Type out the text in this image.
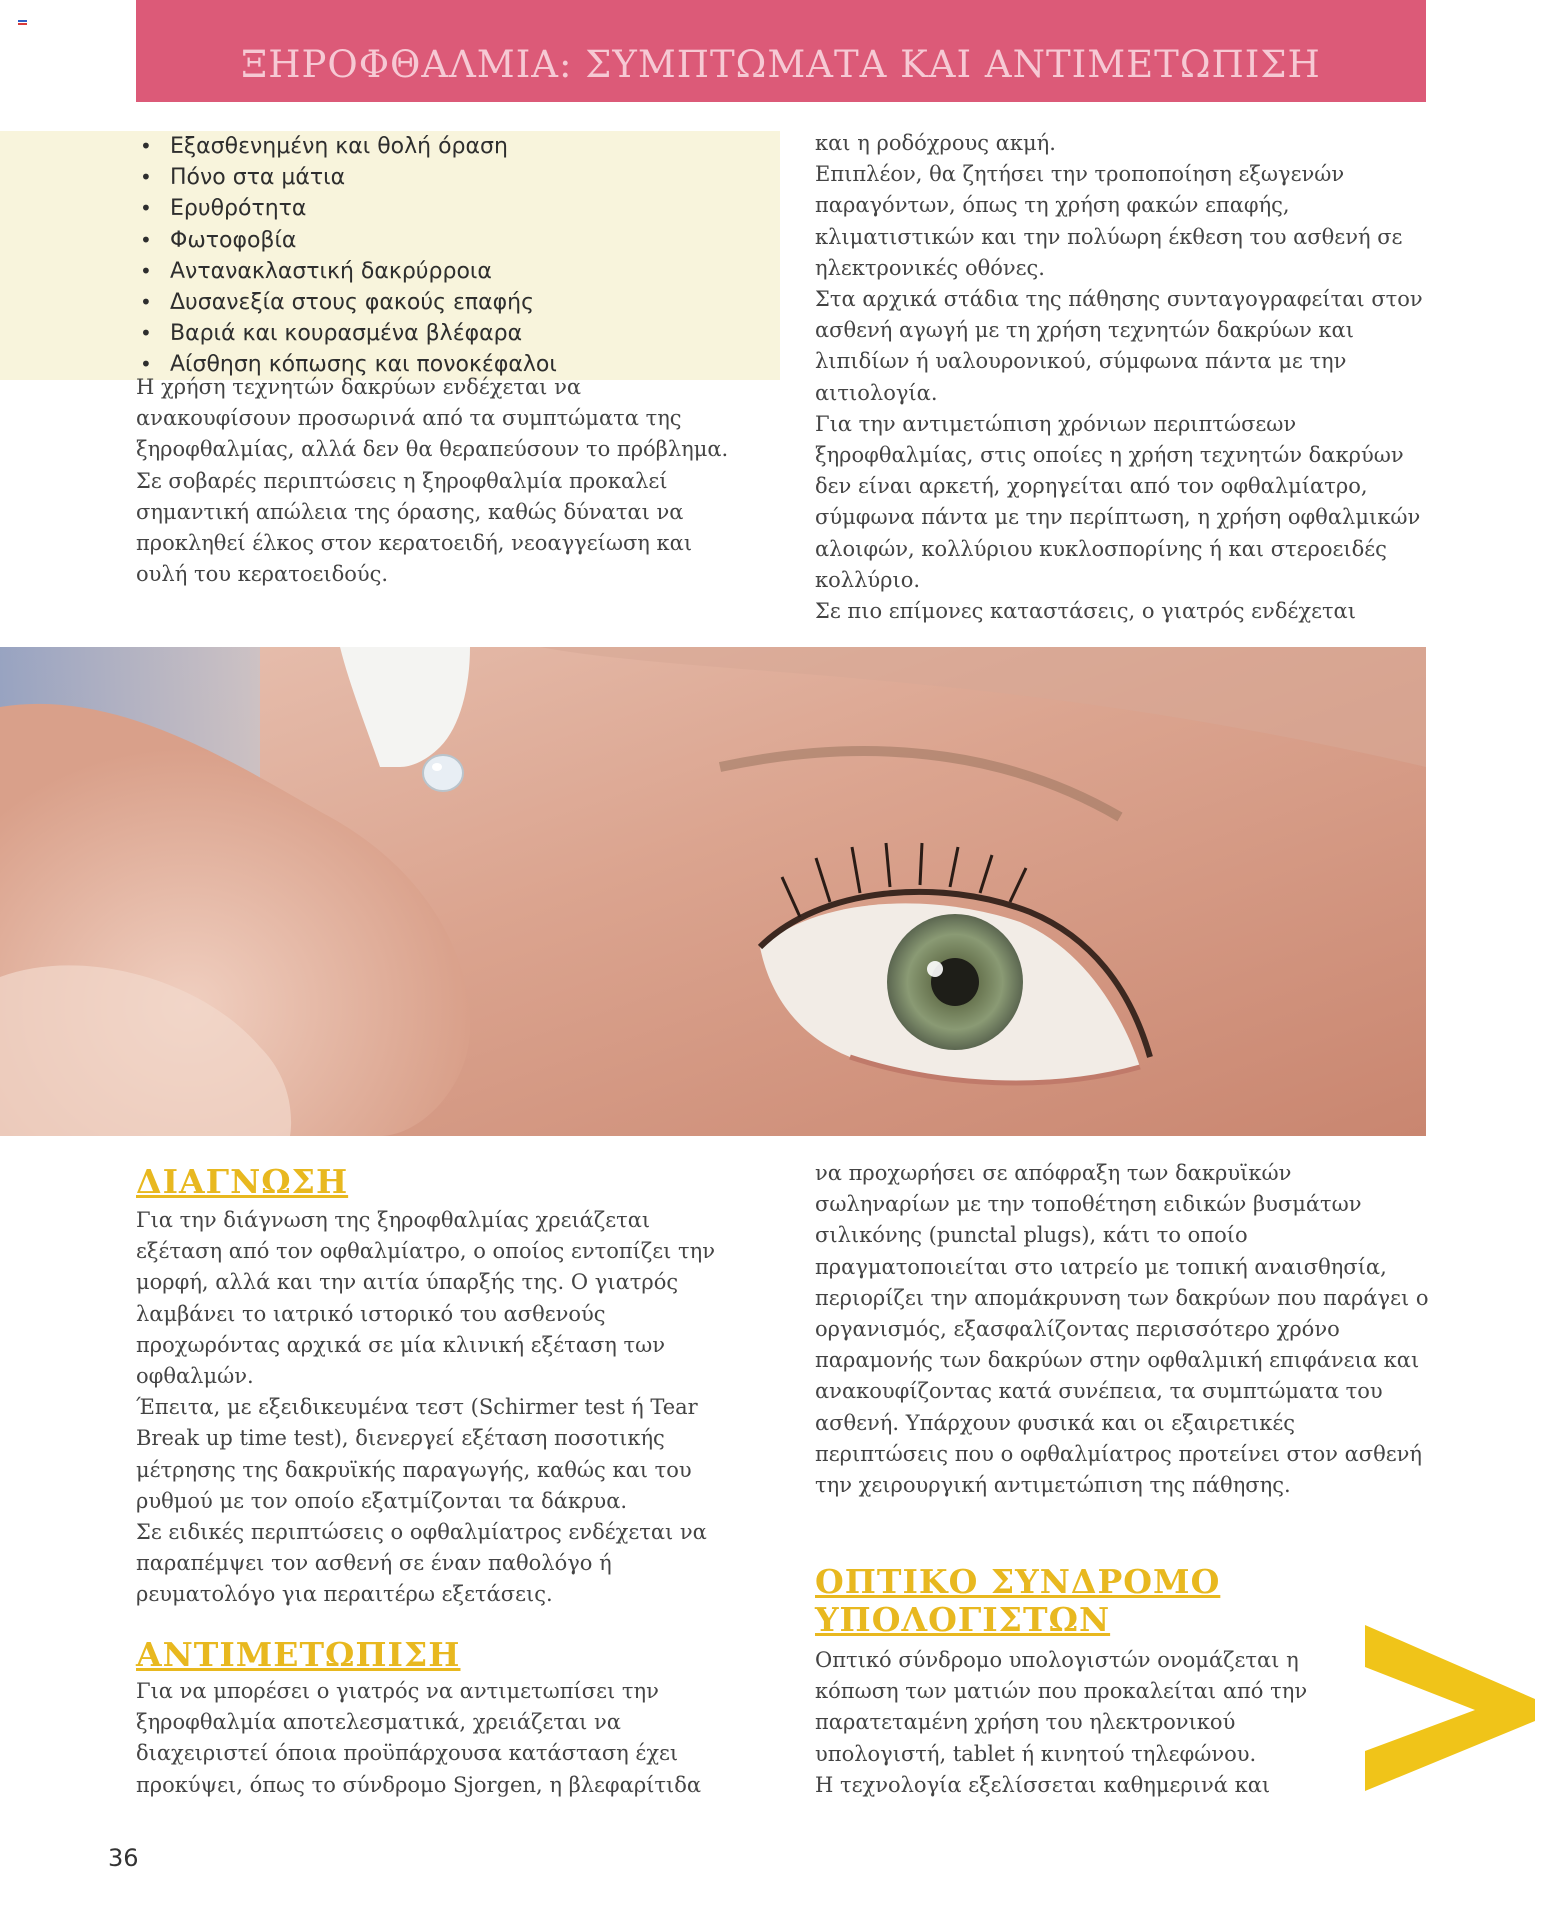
ΞΗΡΟΦΘΑΛΜΙΑ: ΣΥΜΠΤΩΜΑΤΑ ΚΑΙ ΑΝΤΙΜΕΤΩΠΙΣΗ
• Εξασθενημένη και θολή όραση
• Πόνο στα μάτια
• Ερυθρότητα
• Φωτοφοβία
• Αντανακλαστική δακρύρροια
• Δυσανεξία στους φακούς επαφής
• Βαριά και κουρασμένα βλέφαρα
• Αίσθηση κόπωσης και πονοκέφαλοι

Η χρήση τεχνητών δακρύων ενδέχεται να ανακουφίσουν προσωρινά από τα συμπτώματα της ξηροφθαλμίας, αλλά δεν θα θεραπεύσουν το πρόβλημα.

Σε σοβαρές περιπτώσεις η ξηροφθαλμία προκαλεί σημαντική απώλεια της όρασης, καθώς δύναται να προκληθεί έλκος στον κερατοειδή, νεοαγγείωση και ουλή του κερατοειδούς.

και η ροδόχρους ακμή.

Επιπλέον, θα ζητήσει την τροποποίηση εξωγενών παραγόντων, όπως τη χρήση φακών επαφής, κλιματιστικών και την πολύωρη έκθεση του ασθενή σε ηλεκτρονικές οθόνες.

Στα αρχικά στάδια της πάθησης συνταγογραφείται στον ασθενή αγωγή με τη χρήση τεχνητών δακρύων και λιπιδίων ή υαλουρονικού, σύμφωνα πάντα με την αιτιολογία.

Για την αντιμετώπιση χρόνιων περιπτώσεων ξηροφθαλμίας, στις οποίες η χρήση τεχνητών δακρύων δεν είναι αρκετή, χορηγείται από τον οφθαλμίατρο, σύμφωνα πάντα με την περίπτωση, η χρήση οφθαλμικών αλοιφών, κολλύριου κυκλοσπορίνης ή και στεροειδές κολλύριο.

Σε πιο επίμονες καταστάσεις, ο γιατρός ενδέχεται

ΔΙΑΓΝΩΣΗ

Για την διάγνωση της ξηροφθαλμίας χρειάζεται εξέταση από τον οφθαλμίατρο, ο οποίος εντοπίζει την μορφή, αλλά και την αιτία ύπαρξής της. Ο γιατρός λαμβάνει το ιατρικό ιστορικό του ασθενούς προχωρόντας αρχικά σε μία κλινική εξέταση των οφθαλμών.

Έπειτα, με εξειδικευμένα τεστ (Schirmer test ή Tear Break up time test), διενεργεί εξέταση ποσοτικής μέτρησης της δακρυϊκής παραγωγής, καθώς και του ρυθμού με τον οποίο εξατμίζονται τα δάκρυα.

Σε ειδικές περιπτώσεις ο οφθαλμίατρος ενδέχεται να παραπέμψει τον ασθενή σε έναν παθολόγο ή ρευματολόγο για περαιτέρω εξετάσεις.

ΑΝΤΙΜΕΤΩΠΙΣΗ

Για να μπορέσει ο γιατρός να αντιμετωπίσει την ξηροφθαλμία αποτελεσματικά, χρειάζεται να διαχειριστεί όποια προϋπάρχουσα κατάσταση έχει προκύψει, όπως το σύνδρομο Sjorgen, η βλεφαρίτιδα

να προχωρήσει σε απόφραξη των δακρυϊκών σωληναρίων με την τοποθέτηση ειδικών βυσμάτων σιλικόνης (punctal plugs), κάτι το οποίο πραγματοποιείται στο ιατρείο με τοπική αναισθησία, περιορίζει την απομάκρυνση των δακρύων που παράγει ο οργανισμός, εξασφαλίζοντας περισσότερο χρόνο παραμονής των δακρύων στην οφθαλμική επιφάνεια και ανακουφίζοντας κατά συνέπεια, τα συμπτώματα του ασθενή. Υπάρχουν φυσικά και οι εξαιρετικές περιπτώσεις που ο οφθαλμίατρος προτείνει στον ασθενή την χειρουργική αντιμετώπιση της πάθησης.

ΟΠΤΙΚΟ ΣΥΝΔΡΟΜΟ ΥΠΟΛΟΓΙΣΤΩΝ

Οπτικό σύνδρομο υπολογιστών ονομάζεται η κόπωση των ματιών που προκαλείται από την παρατεταμένη χρήση του ηλεκτρονικού υπολογιστή, tablet ή κινητού τηλεφώνου.

Η τεχνολογία εξελίσσεται καθημερινά και

36
